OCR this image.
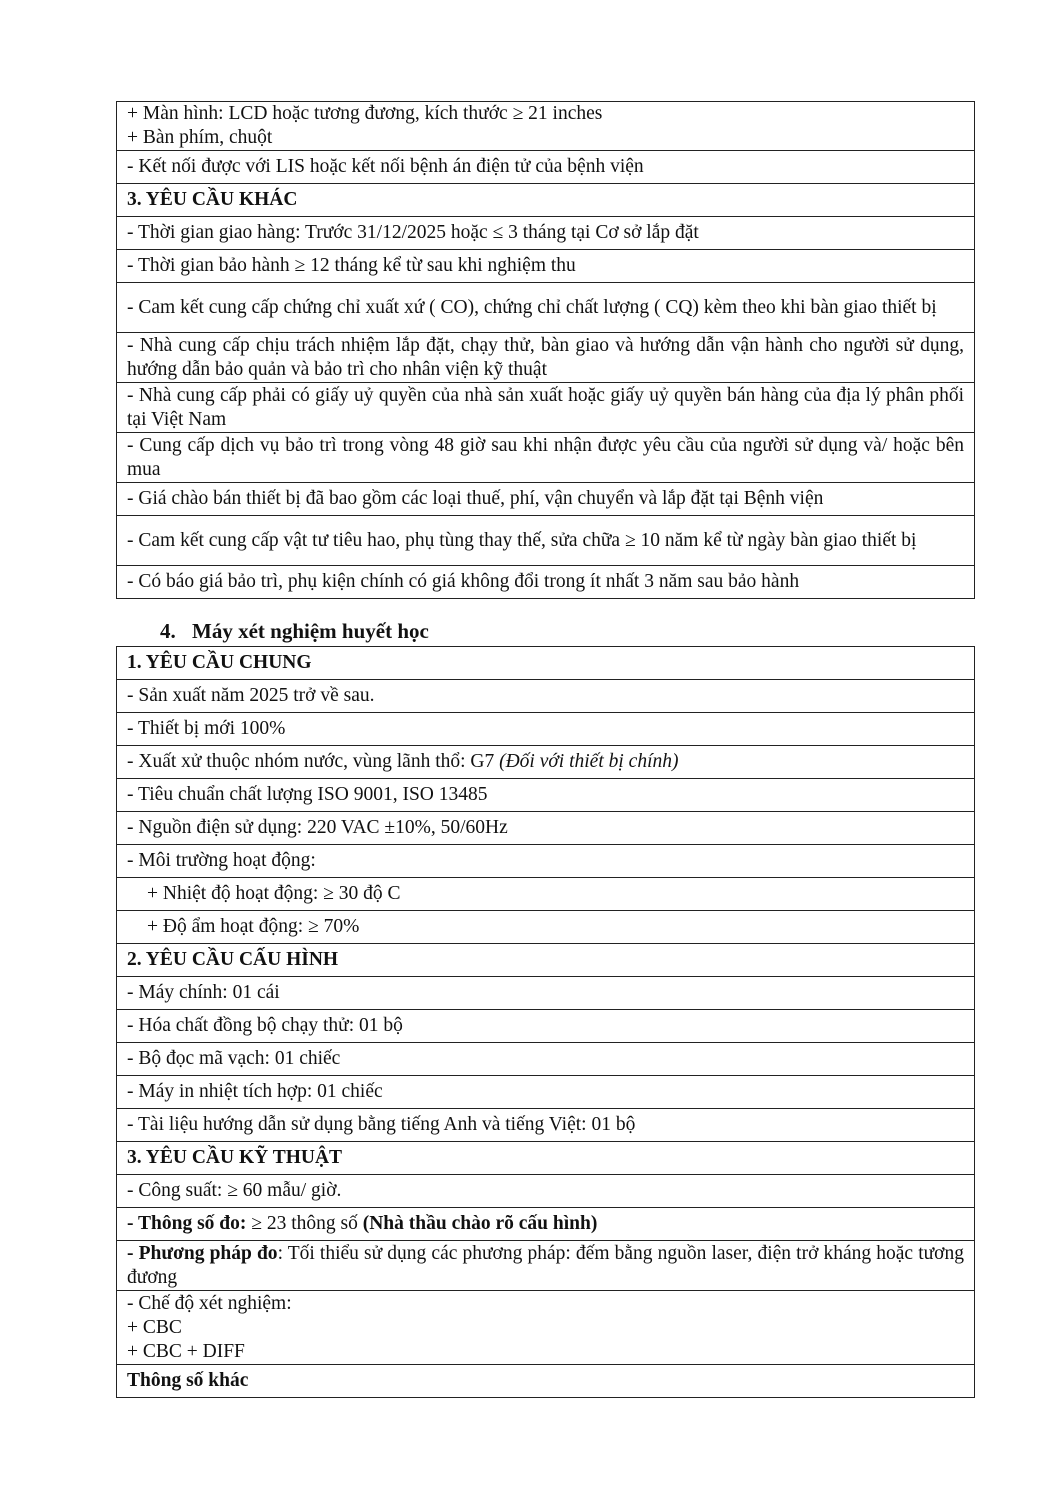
+ Màn hình: LCD hoặc tương đương, kích thước ≥ 21 inches
+ Bàn phím, chuột

- Kết nối được với LIS hoặc kết nối bệnh án điện tử của bệnh viện
3. YÊU CẦU KHÁC
- Thời gian giao hàng: Trước 31/12/2025 hoặc ≤ 3 tháng tại Cơ sở lắp đặt
- Thời gian bảo hành ≥ 12 tháng kể từ sau khi nghiệm thu
- Cam kết cung cấp chứng chỉ xuất xứ ( CO), chứng chỉ chất lượng ( CQ) kèm theo khi bàn giao thiết bị
- Nhà cung cấp chịu trách nhiệm lắp đặt, chạy thử, bàn giao và hướng dẫn vận hành cho người sử dụng, hướng dẫn bảo quản và bảo trì cho nhân viện kỹ thuật
- Nhà cung cấp phải có giấy uỷ quyền của nhà sản xuất hoặc giấy uỷ quyền bán hàng của địa lý phân phối tại Việt Nam
- Cung cấp dịch vụ bảo trì trong vòng 48 giờ sau khi nhận được yêu cầu của người sử dụng và/ hoặc bên mua
- Giá chào bán thiết bị đã bao gồm các loại thuế, phí, vận chuyển và lắp đặt tại Bệnh viện
- Cam kết cung cấp vật tư tiêu hao, phụ tùng thay thế, sửa chữa ≥ 10 năm kể từ ngày bàn giao thiết bị
- Có báo giá bảo trì, phụ kiện chính có giá không đổi trong ít nhất 3 năm sau bảo hành
4. Máy xét nghiệm huyết học
1. YÊU CẦU CHUNG
- Sản xuất năm 2025 trở về sau.
- Thiết bị mới 100%
- Xuất xử thuộc nhóm nước, vùng lãnh thổ: G7 (Đối với thiết bị chính)
- Tiêu chuẩn chất lượng ISO 9001, ISO 13485
- Nguồn điện sử dụng: 220 VAC ±10%, 50/60Hz
- Môi trường hoạt động:
+ Nhiệt độ hoạt động: ≥ 30 độ C
+ Độ ẩm hoạt động: ≥ 70%
2. YÊU CẦU CẤU HÌNH
- Máy chính: 01 cái
- Hóa chất đồng bộ chạy thử: 01 bộ
- Bộ đọc mã vạch: 01 chiếc
- Máy in nhiệt tích hợp: 01 chiếc
- Tài liệu hướng dẫn sử dụng bằng tiếng Anh và tiếng Việt: 01 bộ
3. YÊU CẦU KỸ THUẬT
- Công suất: ≥ 60 mẫu/ giờ.
- Thông số đo: ≥ 23 thông số (Nhà thầu chào rõ cấu hình)
- Phương pháp đo: Tối thiểu sử dụng các phương pháp: đếm bằng nguồn laser, điện trở kháng hoặc tương đương

- Chế độ xét nghiệm:
+ CBC
+ CBC + DIFF

Thông số khác
